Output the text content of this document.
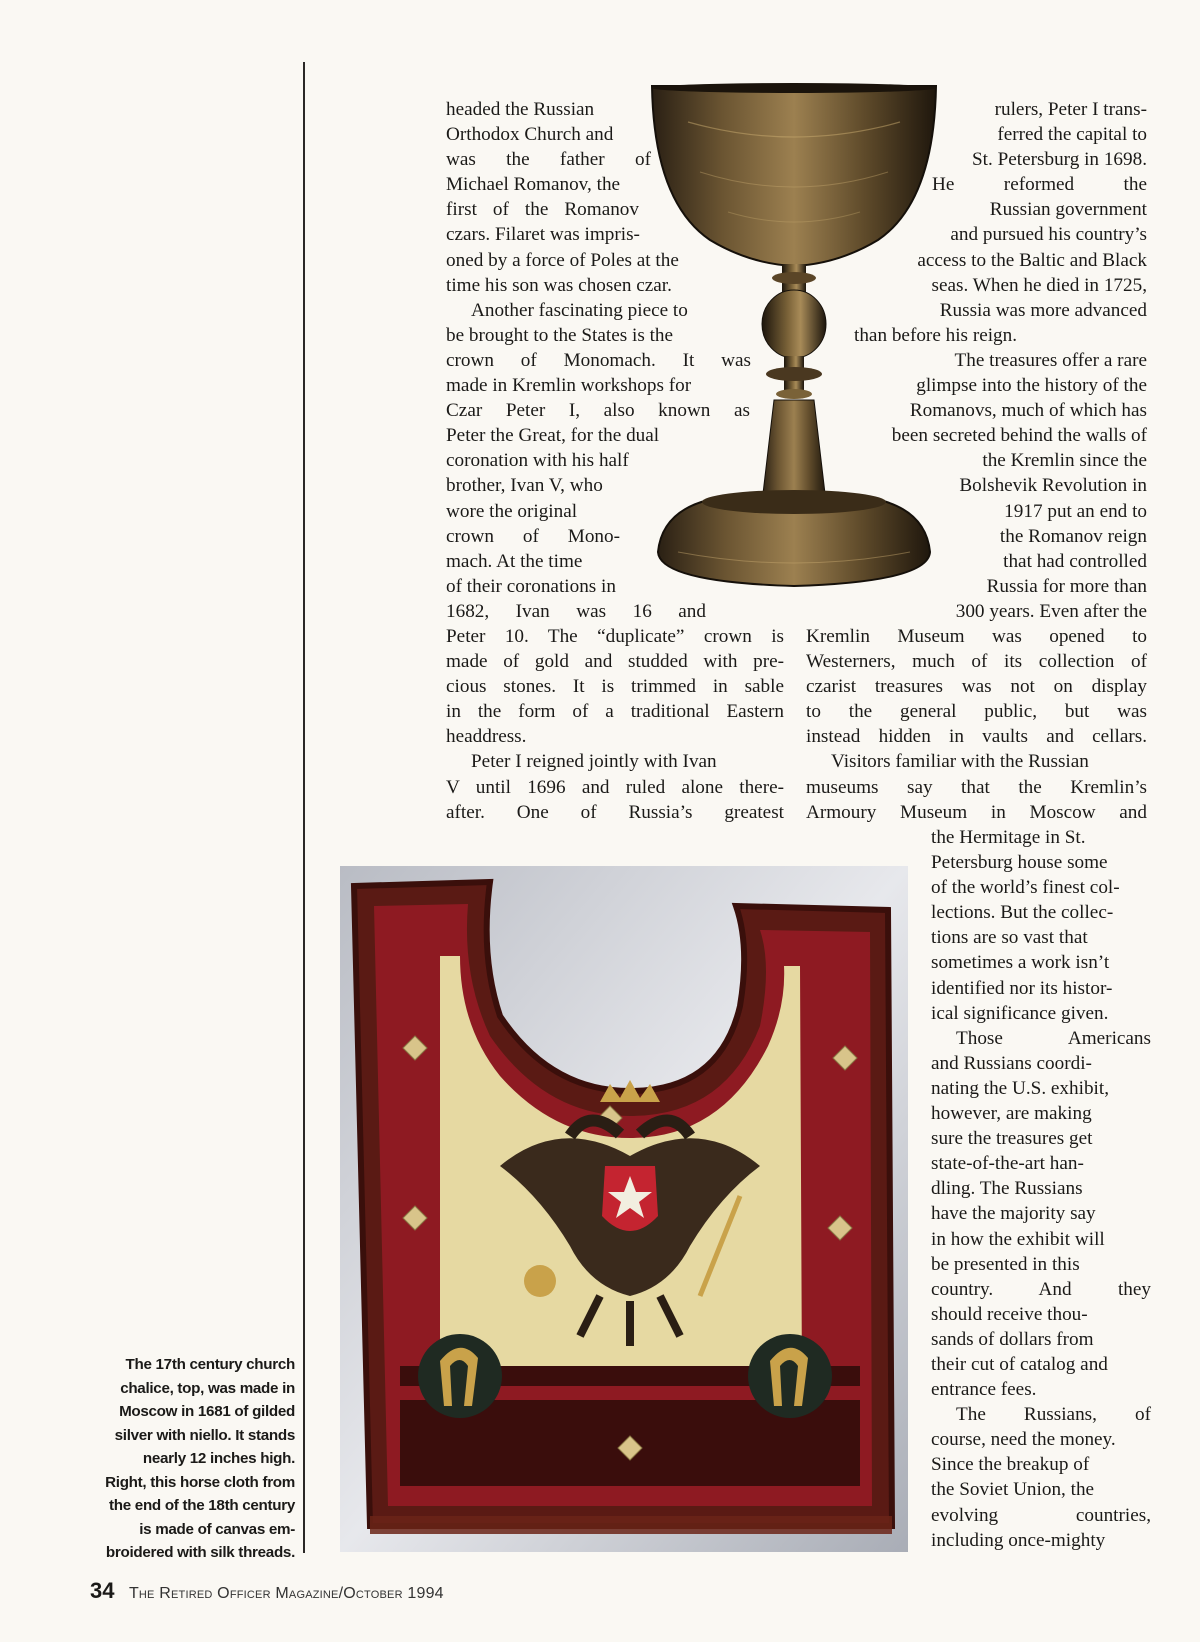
headed the Russian

Orthodox Church and

was the father of

Michael Romanov, the

first of the Romanov

czars. Filaret was impris-

oned by a force of Poles at the

time his son was chosen czar.

Another fascinating piece to

be brought to the States is the

crown of Monomach. It was

made in Kremlin workshops for

Czar Peter I, also known as

Peter the Great, for the dual

coronation with his half

brother, Ivan V, who

wore the original

crown of Mono-

mach. At the time

of their coronations in

1682, Ivan was 16 and

Peter 10. The “duplicate” crown is

made of gold and studded with pre-

cious stones. It is trimmed in sable

in the form of a traditional Eastern

headdress.

Peter I reigned jointly with Ivan

V until 1696 and ruled alone there-

after. One of Russia’s greatest

rulers, Peter I trans-

ferred the capital to

St. Petersburg in 1698.

He reformed the

Russian government

and pursued his country’s

access to the Baltic and Black

seas. When he died in 1725,

Russia was more advanced

than before his reign.

The treasures offer a rare

glimpse into the history of the

Romanovs, much of which has

been secreted behind the walls of

the Kremlin since the

Bolshevik Revolution in

1917 put an end to

the Romanov reign

that had controlled

Russia for more than

300 years. Even after the

Kremlin Museum was opened to

Westerners, much of its collection of

czarist treasures was not on display

to the general public, but was

instead hidden in vaults and cellars.

Visitors familiar with the Russian

museums say that the Kremlin’s

Armoury Museum in Moscow and

the Hermitage in St.

Petersburg house some

of the world’s finest col-

lections. But the collec-

tions are so vast that

sometimes a work isn’t

identified nor its histor-

ical significance given.

Those Americans

and Russians coordi-

nating the U.S. exhibit,

however, are making

sure the treasures get

state-of-the-art han-

dling. The Russians

have the majority say

in how the exhibit will

be presented in this

country. And they

should receive thou-

sands of dollars from

their cut of catalog and

entrance fees.

The Russians, of

course, need the money.

Since the breakup of

the Soviet Union, the

evolving countries,

including once-mighty

The 17th century church
chalice, top, was made in
Moscow in 1681 of gilded
silver with niello. It stands
nearly 12 inches high.
Right, this horse cloth from
the end of the 18th century
is made of canvas em-
broidered with silk threads.
34 The Retired Officer Magazine/October 1994
